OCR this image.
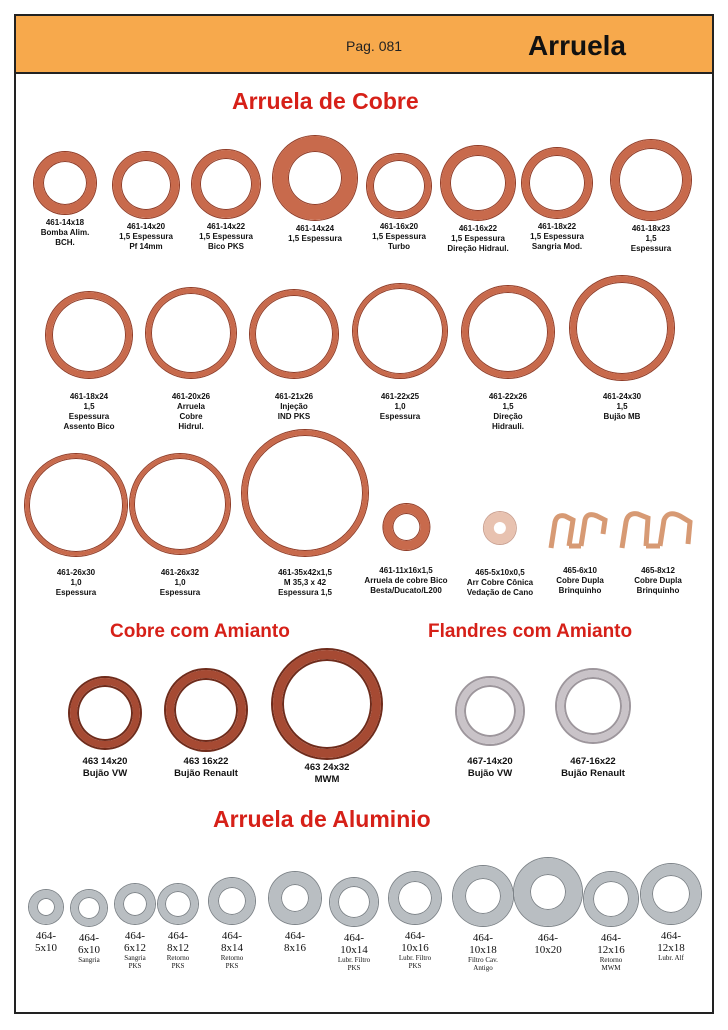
Pag. 081	Arruela
Arruela de Cobre
461-14x18
Bomba Alim.
BCH.
461-14x20
1,5 Espessura
Pf 14mm
461-14x22
1,5 Espessura
Bico PKS
461-14x24
1,5 Espessura
461-16x20
1,5 Espessura
Turbo
461-16x22
1,5 Espessura
Direção Hidraul.
461-18x22
1,5 Espessura
Sangria Mod.
461-18x23
1,5
Espessura
461-18x24
1,5
Espessura
Assento Bico
461-20x26
Arruela
Cobre
Hidrul.
461-21x26
Injeção
IND PKS
461-22x25
1,0
Espessura
461-22x26
1,5
Direção
Hidrauli.
461-24x30
1,5
Bujão MB
461-26x30
1,0
Espessura
461-26x32
1,0
Espessura
461-35x42x1,5
M 35,3 x 42
Espessura 1,5
461-11x16x1,5
Arruela de cobre Bico
Besta/Ducato/L200
465-5x10x0,5
Arr Cobre Cônica
Vedação de Cano
465-6x10
Cobre Dupla
Brinquinho
465-8x12
Cobre Dupla
Brinquinho
Cobre com Amianto	Flandres com Amianto
463 14x20
Bujão VW
463 16x22
Bujão Renault
463 24x32
MWM
467-14x20
Bujão VW
467-16x22
Bujão Renault
Arruela de Aluminio
464-
5x10
464-
6x10
Sangria
464-
6x12
Sangria
PKS
464-
8x12
Retorno
PKS
464-
8x14
Retorno
PKS
464-
8x16
464-
10x14
Lubr. Filtro
PKS
464-
10x16
Lubr. Filtro
PKS
464-
10x18
Filtro Cav.
Antigo
464-
10x20
464-
12x16
Retorno
MWM
464-
12x18
Lubr. Alf
